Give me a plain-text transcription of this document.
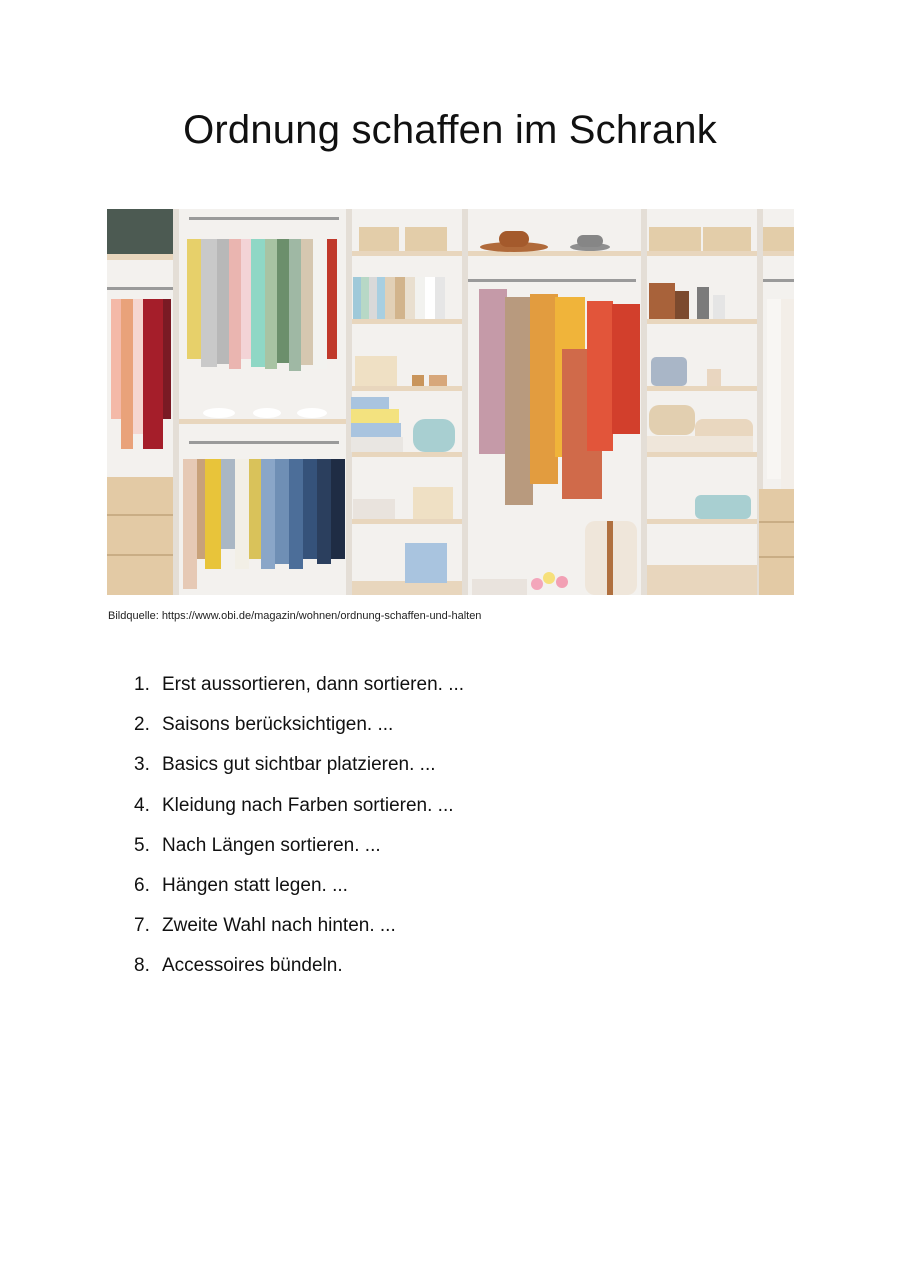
Ordnung schaffen im Schrank
Bildquelle: https://www.obi.de/magazin/wohnen/ordnung-schaffen-und-halten
1. Erst aussortieren, dann sortieren. ...
2. Saisons berücksichtigen. ...
3. Basics gut sichtbar platzieren. ...
4. Kleidung nach Farben sortieren. ...
5. Nach Längen sortieren. ...
6. Hängen statt legen. ...
7. Zweite Wahl nach hinten. ...
8. Accessoires bündeln.
